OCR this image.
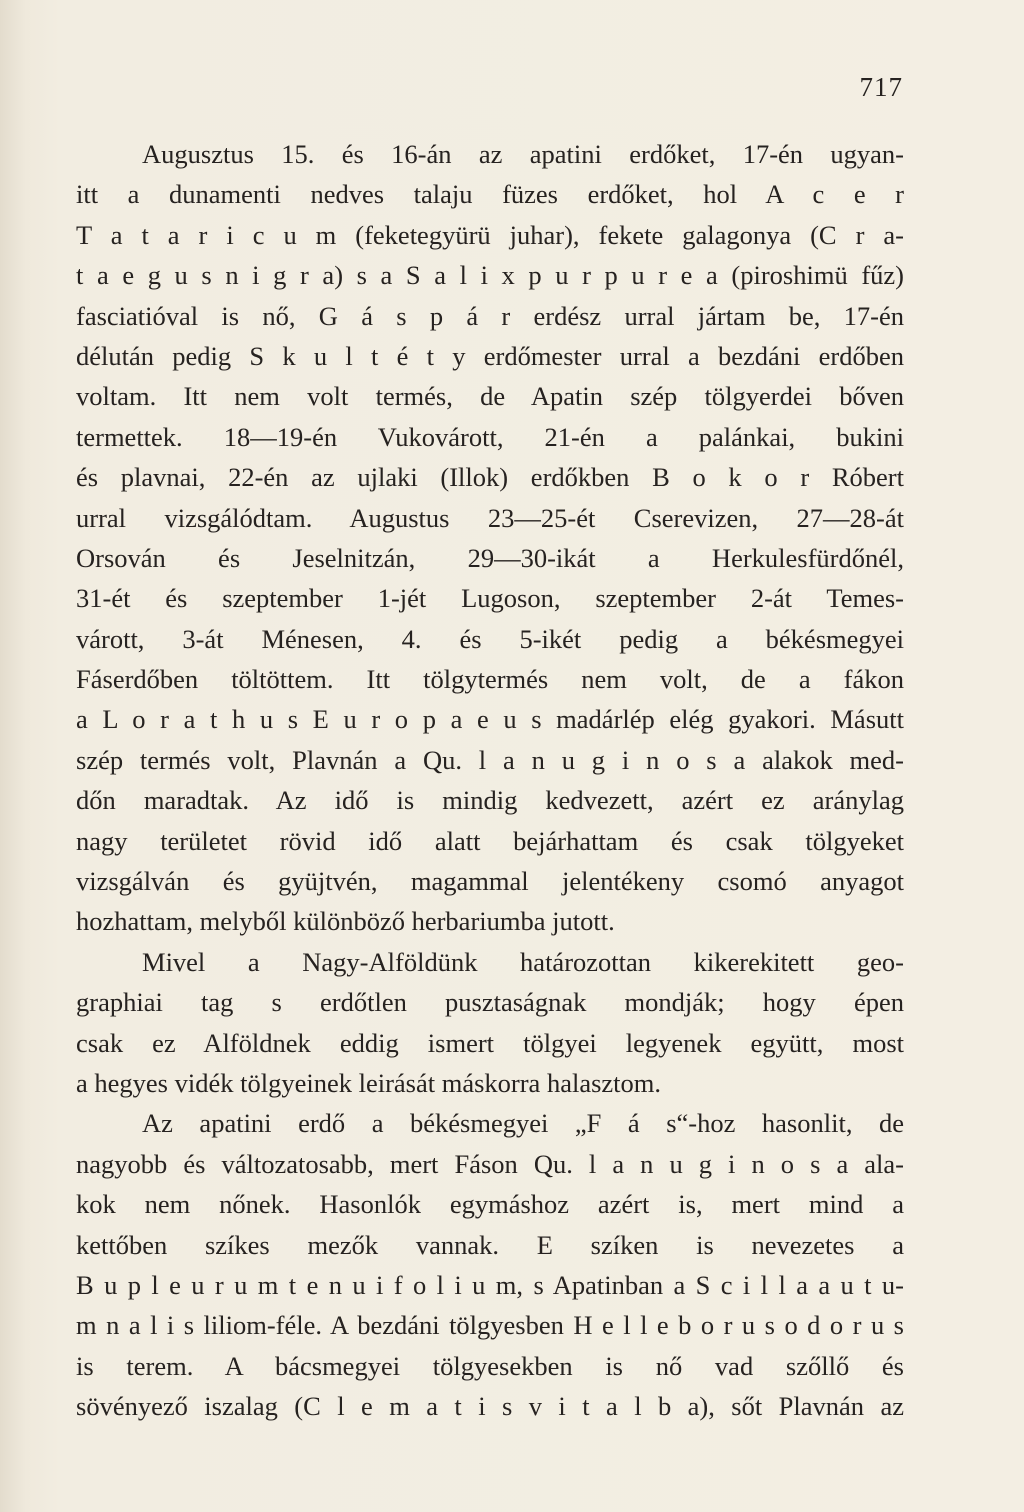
717
Augusztus 15. és 16-án az apatini erdőket, 17-én ugyan-
itt a dunamenti nedves talaju füzes erdőket, hol A c e r
T a t a r i c u m (feketegyürü juhar), fekete galagonya (C r a-
t a e g u s n i g r a) s a S a l i x p u r p u r e a (piroshimü fűz)
fasciatióval is nő, G á s p á r erdész urral jártam be, 17-én
délután pedig S k u l t é t y erdőmester urral a bezdáni erdőben
voltam. Itt nem volt termés, de Apatin szép tölgyerdei bőven
termettek. 18—19-én Vukovárott, 21-én a palánkai, bukini
és plavnai, 22-én az ujlaki (Illok) erdőkben B o k o r Róbert
urral vizsgálódtam. Augustus 23—25-ét Cserevizen, 27—28-át
Orsován és Jeselnitzán, 29—30-ikát a Herkulesfürdőnél,
31-ét és szeptember 1-jét Lugoson, szeptember 2-át Temes-
várott, 3-át Ménesen, 4. és 5-ikét pedig a békésmegyei
Fáserdőben töltöttem. Itt tölgytermés nem volt, de a fákon
a L o r a t h u s E u r o p a e u s madárlép elég gyakori. Másutt
szép termés volt, Plavnán a Qu. l a n u g i n o s a alakok med-
dőn maradtak. Az idő is mindig kedvezett, azért ez aránylag
nagy területet rövid idő alatt bejárhattam és csak tölgyeket
vizsgálván és gyüjtvén, magammal jelentékeny csomó anyagot
hozhattam, melyből különböző herbariumba jutott.
Mivel a Nagy-Alföldünk határozottan kikerekitett geo-
graphiai tag s erdőtlen pusztaságnak mondják; hogy épen
csak ez Alföldnek eddig ismert tölgyei legyenek együtt, most
a hegyes vidék tölgyeinek leirását máskorra halasztom.
Az apatini erdő a békésmegyei „F á s“-hoz hasonlit, de
nagyobb és változatosabb, mert Fáson Qu. l a n u g i n o s a ala-
kok nem nőnek. Hasonlók egymáshoz azért is, mert mind a
kettőben szíkes mezők vannak. E szíken is nevezetes a
B u p l e u r u m t e n u i f o l i u m, s Apatinban a S c i l l a a u t u-
m n a l i s liliom-féle. A bezdáni tölgyesben H e l l e b o r u s o d o r u s
is terem. A bácsmegyei tölgyesekben is nő vad szőllő és
sövényező iszalag (C l e m a t i s v i t a l b a), sőt Plavnán az
